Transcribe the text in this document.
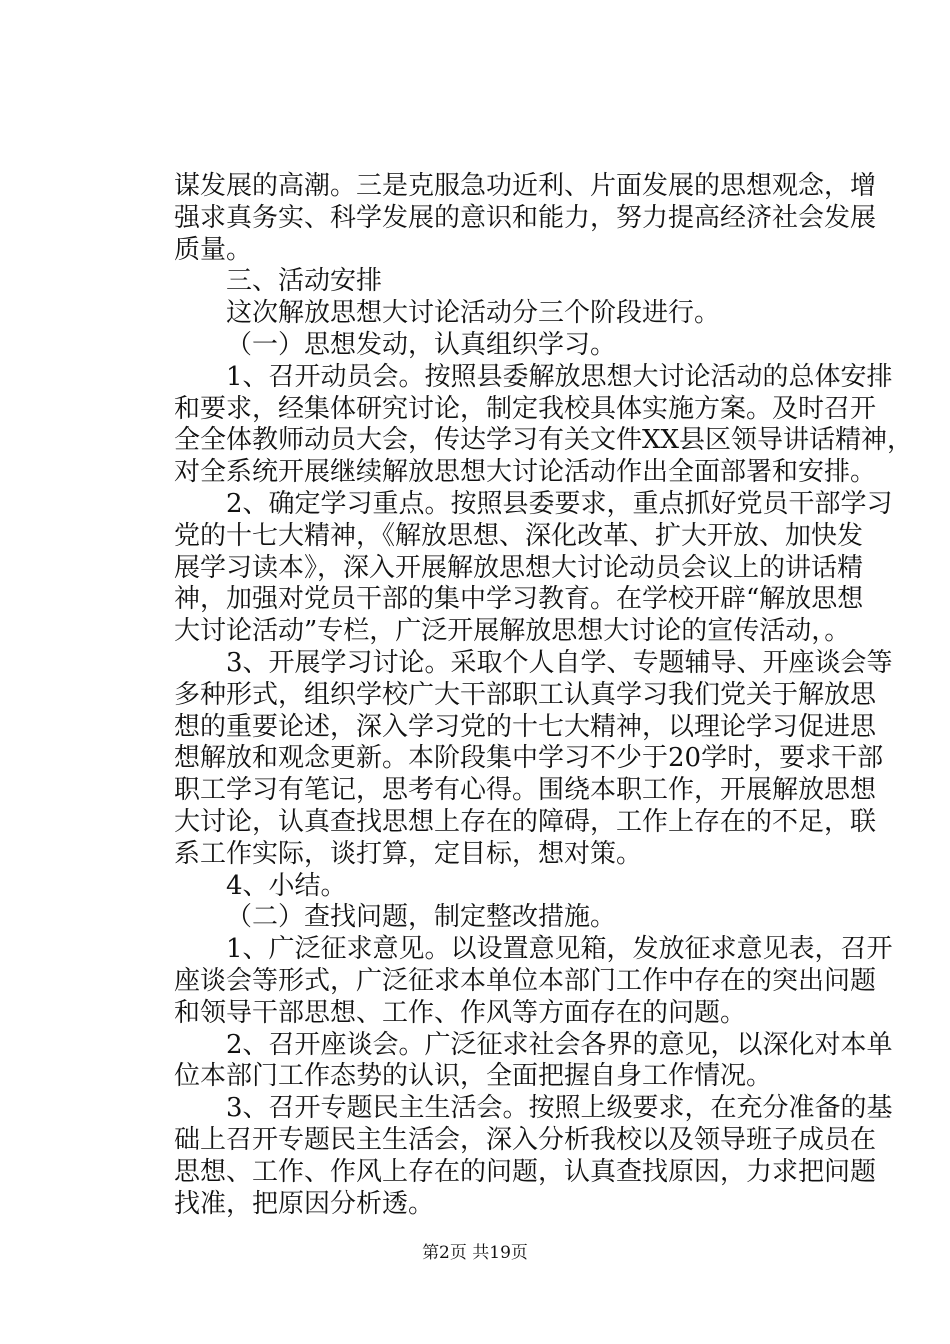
谋发展的高潮。三是克服急功近利、片面发展的思想观念，增
强求真务实、科学发展的意识和能力，努力提高经济社会发展
质量。
三、活动安排
这次解放思想大讨论活动分三个阶段进行。
（一）思想发动，认真组织学习。
1、召开动员会。按照县委解放思想大讨论活动的总体安排
和要求，经集体研究讨论，制定我校具体实施方案。及时召开
全全体教师动员大会，传达学习有关文件XX县区领导讲话精神，
对全系统开展继续解放思想大讨论活动作出全面部署和安排。
2、确定学习重点。按照县委要求，重点抓好党员干部学习
党的十七大精神，《解放思想、深化改革、扩大开放、加快发
展学习读本》，深入开展解放思想大讨论动员会议上的讲话精
神，加强对党员干部的集中学习教育。在学校开辟“解放思想
大讨论活动”专栏，广泛开展解放思想大讨论的宣传活动，。
3、开展学习讨论。采取个人自学、专题辅导、开座谈会等
多种形式，组织学校广大干部职工认真学习我们党关于解放思
想的重要论述，深入学习党的十七大精神，以理论学习促进思
想解放和观念更新。本阶段集中学习不少于20学时，要求干部
职工学习有笔记，思考有心得。围绕本职工作，开展解放思想
大讨论，认真查找思想上存在的障碍，工作上存在的不足，联
系工作实际，谈打算，定目标，想对策。
4、小结。
（二）查找问题，制定整改措施。
1、广泛征求意见。以设置意见箱，发放征求意见表，召开
座谈会等形式，广泛征求本单位本部门工作中存在的突出问题
和领导干部思想、工作、作风等方面存在的问题。
2、召开座谈会。广泛征求社会各界的意见，以深化对本单
位本部门工作态势的认识，全面把握自身工作情况。
3、召开专题民主生活会。按照上级要求，在充分准备的基
础上召开专题民主生活会，深入分析我校以及领导班子成员在
思想、工作、作风上存在的问题，认真查找原因，力求把问题
找准，把原因分析透。
第2页 共19页
